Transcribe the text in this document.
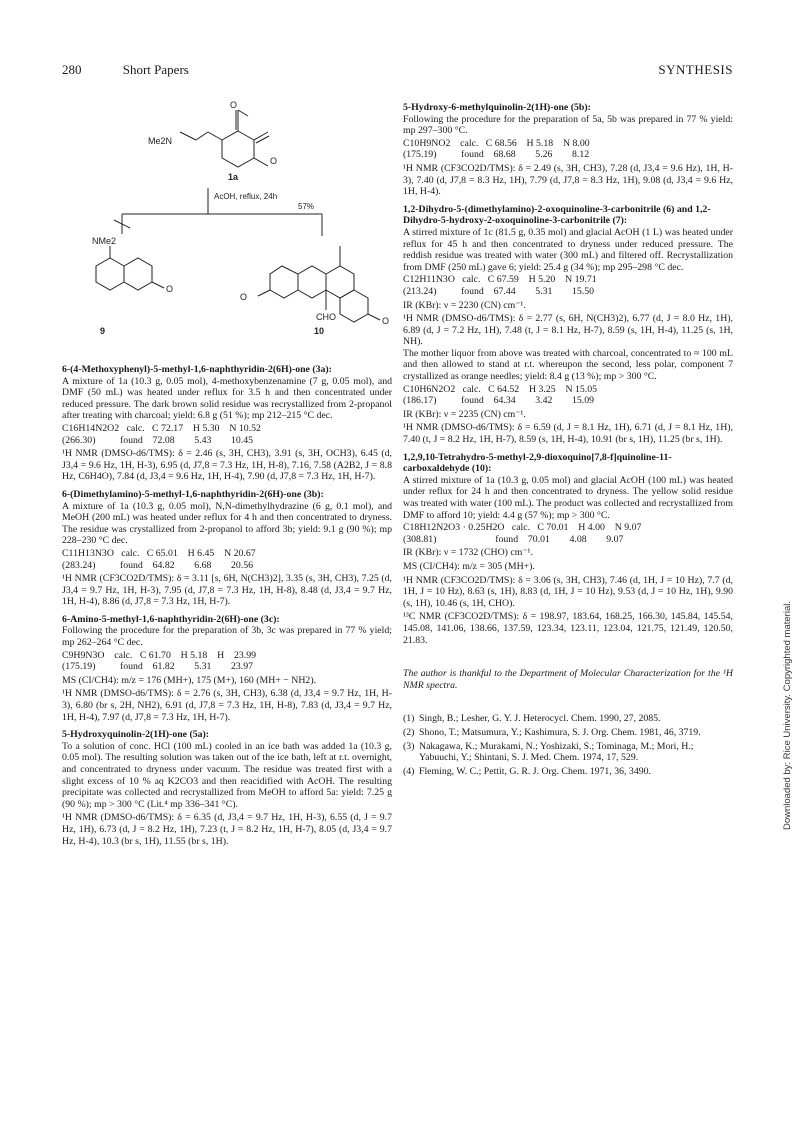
280	Short Papers	SYNTHESIS
O
Me2N
O
1a
AcOH, reflux, 24h
57%
NMe2
O
9
O
O
CHO
10
6-(4-Methoxyphenyl)-5-methyl-1,6-naphthyridin-2(6H)-one (3a):
A mixture of 1a (10.3 g, 0.05 mol), 4-methoxybenzenamine (7 g, 0.05 mol), and DMF (50 mL) was heated under reflux for 3.5 h and then concentrated under reduced pressure. The dark brown solid residue was recrystallized from 2-propanol after treating with charcoal; yield: 6.8 g (51 %); mp 212–215 °C dec.
C16H14N2O2   calc.   C 72.17    H 5.30    N 10.52
(266.30)          found    72.08        5.43        10.45
¹H NMR (DMSO-d6/TMS): δ = 2.46 (s, 3H, CH3), 3.91 (s, 3H, OCH3), 6.45 (d, J3,4 = 9.6 Hz, 1H, H-3), 6.95 (d, J7,8 = 7.3 Hz, 1H, H-8), 7.16, 7.58 (A2B2, J = 8.8 Hz, C6H4O), 7.84 (d, J3,4 = 9.6 Hz, 1H, H-4), 7.90 (d, J7,8 = 7.3 Hz, 1H, H-7).
6-(Dimethylamino)-5-methyl-1,6-naphthyridin-2(6H)-one (3b):
A mixture of 1a (10.3 g, 0.05 mol), N,N-dimethylhydrazine (6 g, 0.1 mol), and MeOH (200 mL) was heated under reflux for 4 h and then concentrated to dryness. The residue was crystallized from 2-propanol to afford 3b; yield: 9.1 g (90 %); mp 228–230 °C dec.
C11H13N3O   calc.   C 65.01    H 6.45    N 20.67
(283.24)          found    64.82        6.68        20.56
¹H NMR (CF3CO2D/TMS): δ = 3.11 [s, 6H, N(CH3)2], 3.35 (s, 3H, CH3), 7.25 (d, J3,4 = 9.7 Hz, 1H, H-3), 7.95 (d, J7,8 = 7.3 Hz, 1H, H-8), 8.48 (d, J3,4 = 9.7 Hz, 1H, H-4), 8.86 (d, J7,8 = 7.3 Hz, 1H, H-7).
6-Amino-5-methyl-1,6-naphthyridin-2(6H)-one (3c):
Following the procedure for the preparation of 3b, 3c was prepared in 77 % yield; mp 262–264 °C dec.
C9H9N3O    calc.   C 61.70    H 5.18    H    23.99
(175.19)          found    61.82        5.31        23.97
MS (CI/CH4): m/z = 176 (MH+), 175 (M+), 160 (MH+ − NH2).
¹H NMR (DMSO-d6/TMS): δ = 2.76 (s, 3H, CH3), 6.38 (d, J3,4 = 9.7 Hz, 1H, H-3), 6.80 (br s, 2H, NH2), 6.91 (d, J7,8 = 7.3 Hz, 1H, H-8), 7.83 (d, J3,4 = 9.7 Hz, 1H, H-4), 7.97 (d, J7,8 = 7.3 Hz, 1H, H-7).
5-Hydroxyquinolin-2(1H)-one (5a):
To a solution of conc. HCl (100 mL) cooled in an ice bath was added 1a (10.3 g, 0.05 mol). The resulting solution was taken out of the ice bath, left at r.t. overnight, and concentrated to dryness under vacuum. The residue was treated first with a slight excess of 10 % aq K2CO3 and then reacidified with AcOH. The resulting precipitate was collected and recrystallized from MeOH to afford 5a: yield: 7.25 g (90 %); mp > 300 °C (Lit.⁴ mp 336–341 °C).
¹H NMR (DMSO-d6/TMS): δ = 6.35 (d, J3,4 = 9.7 Hz, 1H, H-3), 6.55 (d, J = 9.7 Hz, 1H), 6.73 (d, J = 8.2 Hz, 1H), 7.23 (t, J = 8.2 Hz, 1H, H-7), 8.05 (d, J3,4 = 9.7 Hz, H-4), 10.3 (br s, 1H), 11.55 (br s, 1H).
5-Hydroxy-6-methylquinolin-2(1H)-one (5b):
Following the procedure for the preparation of 5a, 5b was prepared in 77 % yield: mp 297–300 °C.
C10H9NO2    calc.   C 68.56    H 5.18    N 8.00
(175.19)          found    68.68        5.26        8.12
¹H NMR (CF3CO2D/TMS): δ = 2.49 (s, 3H, CH3), 7.28 (d, J3,4 = 9.6 Hz), 1H, H-3), 7.40 (d, J7,8 = 8.3 Hz, 1H), 7.79 (d, J7,8 = 8.3 Hz, 1H), 9.08 (d, J3,4 = 9.6 Hz, 1H, H-4).
1,2-Dihydro-5-(dimethylamino)-2-oxoquinoline-3-carbonitrile (6) and 1,2-Dihydro-5-hydroxy-2-oxoquinoline-3-carbonitrile (7):
A stirred mixture of 1c (81.5 g, 0.35 mol) and glacial AcOH (1 L) was heated under reflux for 45 h and then concentrated to dryness under reduced pressure. The reddish residue was treated with water (300 mL) and filtered off. Recrystallization from DMF (250 mL) gave 6; yield: 25.4 g (34 %); mp 295–298 °C dec.
C12H11N3O   calc.   C 67.59    H 5.20    N 19.71
(213.24)          found    67.44        5.31        15.50
IR (KBr): ν = 2230 (CN) cm⁻¹.
¹H NMR (DMSO-d6/TMS): δ = 2.77 (s, 6H, N(CH3)2), 6.77 (d, J = 8.0 Hz, 1H), 6.89 (d, J = 7.2 Hz, 1H), 7.48 (t, J = 8.1 Hz, H-7), 8.59 (s, 1H, H-4), 11.25 (s, 1H, NH).
The mother liquor from above was treated with charcoal, concentrated to ≈ 100 mL and then allowed to stand at r.t. whereupon the second, less polar, component 7 crystallized as orange needles; yield: 8.4 g (13 %); mp > 300 °C.
C10H6N2O2   calc.   C 64.52    H 3.25    N 15.05
(186.17)          found    64.34        3.42        15.09
IR (KBr): ν = 2235 (CN) cm⁻¹.
¹H NMR (DMSO-d6/TMS): δ = 6.59 (d, J = 8.1 Hz, 1H), 6.71 (d, J = 8.1 Hz, 1H), 7.40 (t, J = 8.2 Hz, 1H, H-7), 8.59 (s, 1H, H-4), 10.91 (br s, 1H), 11.25 (br s, 1H).
1,2,9,10-Tetrahydro-5-methyl-2,9-dioxoquino[7,8-f]quinoline-11-carboxaldehyde (10):
A stirred mixture of 1a (10.3 g, 0.05 mol) and glacial AcOH (100 mL) was heated under reflux for 24 h and then concentrated to dryness. The yellow solid residue was treated with water (100 mL). The product was collected and recrystallized from DMF to afford 10; yield: 4.4 g (57 %); mp > 300 °C.
C18H12N2O3 · 0.25H2O   calc.   C 70.01    H 4.00    N 9.07
(308.81)                        found    70.01        4.08        9.07
IR (KBr): ν = 1732 (CHO) cm⁻¹.
MS (CI/CH4): m/z = 305 (MH+).
¹H NMR (CF3CO2D/TMS): δ = 3.06 (s, 3H, CH3), 7.46 (d, 1H, J = 10 Hz), 7.7 (d, 1H, J = 10 Hz), 8.63 (s, 1H), 8.83 (d, 1H, J = 10 Hz), 9.53 (d, J = 10 Hz, 1H), 9.90 (s, 1H), 10.46 (s, 1H, CHO).
¹³C NMR (CF3CO2D/TMS): δ = 198.97, 183.64, 168.25, 166.30, 145.84, 145.54, 145.08, 141.06, 138.66, 137.59, 123.34, 123.11, 123.04, 121.75, 121.49, 120.50, 21.83.
The author is thankful to the Department of Molecular Characterization for the ¹H NMR spectra.
(1) Singh, B.; Lesher, G. Y. J. Heterocycl. Chem. 1990, 27, 2085.
(2) Shono, T.; Matsumura, Y.; Kashimura, S. J. Org. Chem. 1981, 46, 3719.
(3) Nakagawa, K.; Murakami, N.; Yoshizaki, S.; Tominaga, M.; Mori, H.; Yabuuchi, Y.; Shintani, S. J. Med. Chem. 1974, 17, 529.
(4) Fleming, W. C.; Pettit, G. R. J. Org. Chem. 1971, 36, 3490.	Downloaded by: Rice University. Copyrighted material.
